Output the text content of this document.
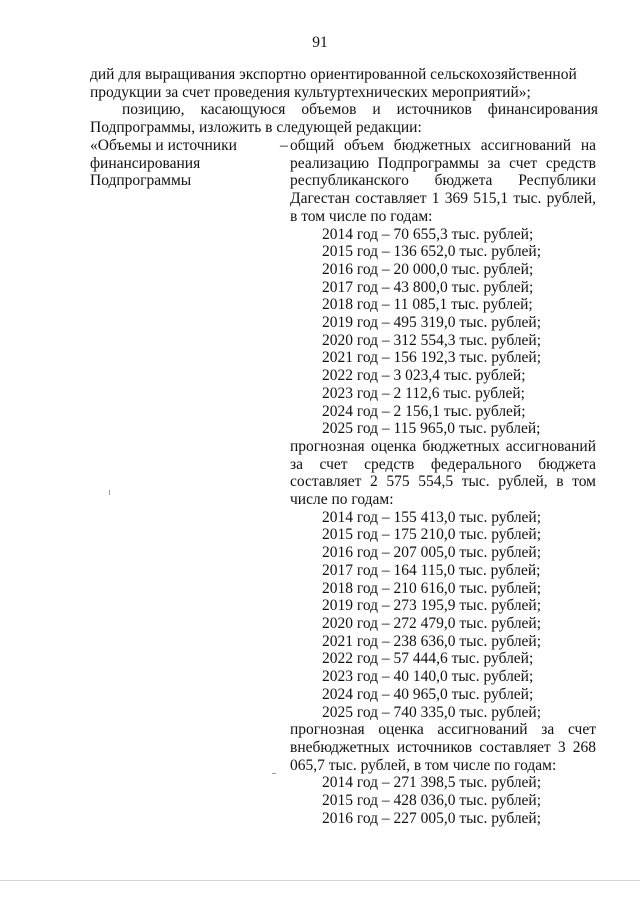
91

дий для выращивания экспортно ориентированной сельскохозяйственной

продукции за счет проведения культуртехнических мероприятий»;

позицию, касающуюся объемов и источников финансирования Подпрограммы, изложить в следующей редакции:

«Объемы и источники финансирования Подпрограммы
– общий объем бюджетных ассигнований на реализацию Подпрограммы за счет средств республиканского бюджета Республики Дагестан составляет 1 369 515,1 тыс. рублей, в том числе по годам:
2014 год – 70 655,3 тыс. рублей;
2015 год – 136 652,0 тыс. рублей;
2016 год – 20 000,0 тыс. рублей;
2017 год – 43 800,0 тыс. рублей;
2018 год – 11 085,1 тыс. рублей;
2019 год – 495 319,0 тыс. рублей;
2020 год – 312 554,3 тыс. рублей;
2021 год – 156 192,3 тыс. рублей;
2022 год – 3 023,4 тыс. рублей;
2023 год – 2 112,6 тыс. рублей;
2024 год – 2 156,1 тыс. рублей;
2025 год – 115 965,0 тыс. рублей;
прогнозная оценка бюджетных ассигнований за счет средств федерального бюджета составляет 2 575 554,5 тыс. рублей, в том числе по годам:
2014 год – 155 413,0 тыс. рублей;
2015 год – 175 210,0 тыс. рублей;
2016 год – 207 005,0 тыс. рублей;
2017 год – 164 115,0 тыс. рублей;
2018 год – 210 616,0 тыс. рублей;
2019 год – 273 195,9 тыс. рублей;
2020 год – 272 479,0 тыс. рублей;
2021 год – 238 636,0 тыс. рублей;
2022 год – 57 444,6 тыс. рублей;
2023 год – 40 140,0 тыс. рублей;
2024 год – 40 965,0 тыс. рублей;
2025 год – 740 335,0 тыс. рублей;
прогнозная оценка ассигнований за счет внебюджетных источников составляет 3 268 065,7 тыс. рублей, в том числе по годам:
2014 год – 271 398,5 тыс. рублей;
2015 год – 428 036,0 тыс. рублей;
2016 год – 227 005,0 тыс. рублей;
